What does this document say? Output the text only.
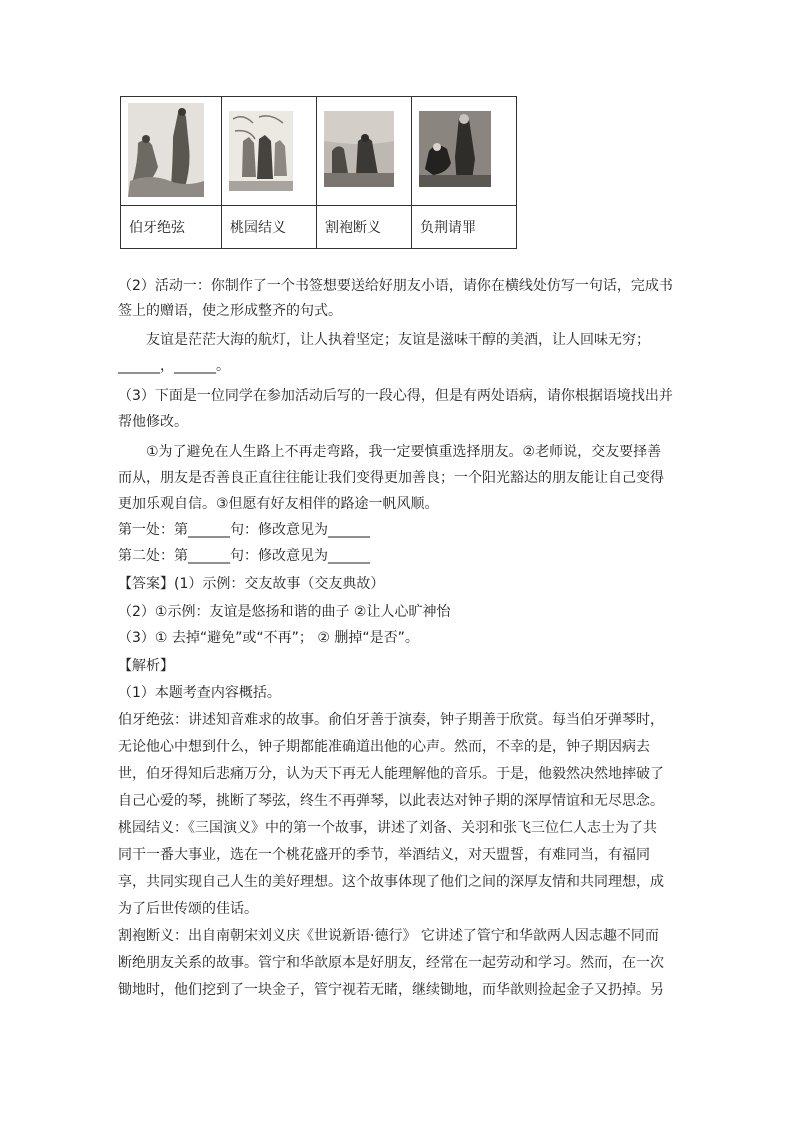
伯牙绝弦	桃园结义	割袍断义	负荆请罪
（2）活动一：你制作了一个书签想要送给好朋友小语，请你在横线处仿写一句话，完成书
签上的赠语，使之形成整齐的句式。
友谊是茫茫大海的航灯，让人执着坚定；友谊是滋味干醇的美酒，让人回味无穷；
______，______。
（3）下面是一位同学在参加活动后写的一段心得，但是有两处语病，请你根据语境找出并
帮他修改。
①为了避免在人生路上不再走弯路，我一定要慎重选择朋友。②老师说，交友要择善
而从，朋友是否善良正直往往能让我们变得更加善良；一个阳光豁达的朋友能让自己变得
更加乐观自信。③但愿有好友相伴的路途一帆风顺。
第一处：第______句：修改意见为______
第二处：第______句：修改意见为______
【答案】(1）示例：交友故事（交友典故）
（2）①示例：友谊是悠扬和谐的曲子 ②让人心旷神怡
（3）① 去掉“避免”或“不再”； ② 删掉“是否”。
【解析】
（1）本题考查内容概括。
伯牙绝弦：讲述知音难求的故事。俞伯牙善于演奏，钟子期善于欣赏。每当伯牙弹琴时，
无论他心中想到什么，钟子期都能准确道出他的心声。然而，不幸的是，钟子期因病去
世，伯牙得知后悲痛万分，认为天下再无人能理解他的音乐。于是，他毅然决然地摔破了
自己心爱的琴，挑断了琴弦，终生不再弹琴，以此表达对钟子期的深厚情谊和无尽思念。
桃园结义：《三国演义》中的第一个故事，讲述了刘备、关羽和张飞三位仁人志士为了共
同干一番大事业，选在一个桃花盛开的季节，举酒结义，对天盟誓，有难同当，有福同
享，共同实现自己人生的美好理想。这个故事体现了他们之间的深厚友情和共同理想，成
为了后世传颂的佳话。
割袍断义：出自南朝宋刘义庆《世说新语·德行》 它讲述了管宁和华歆两人因志趣不同而
断绝朋友关系的故事。管宁和华歆原本是好朋友，经常在一起劳动和学习。然而，在一次
锄地时，他们挖到了一块金子，管宁视若无睹，继续锄地，而华歆则捡起金子又扔掉。另
